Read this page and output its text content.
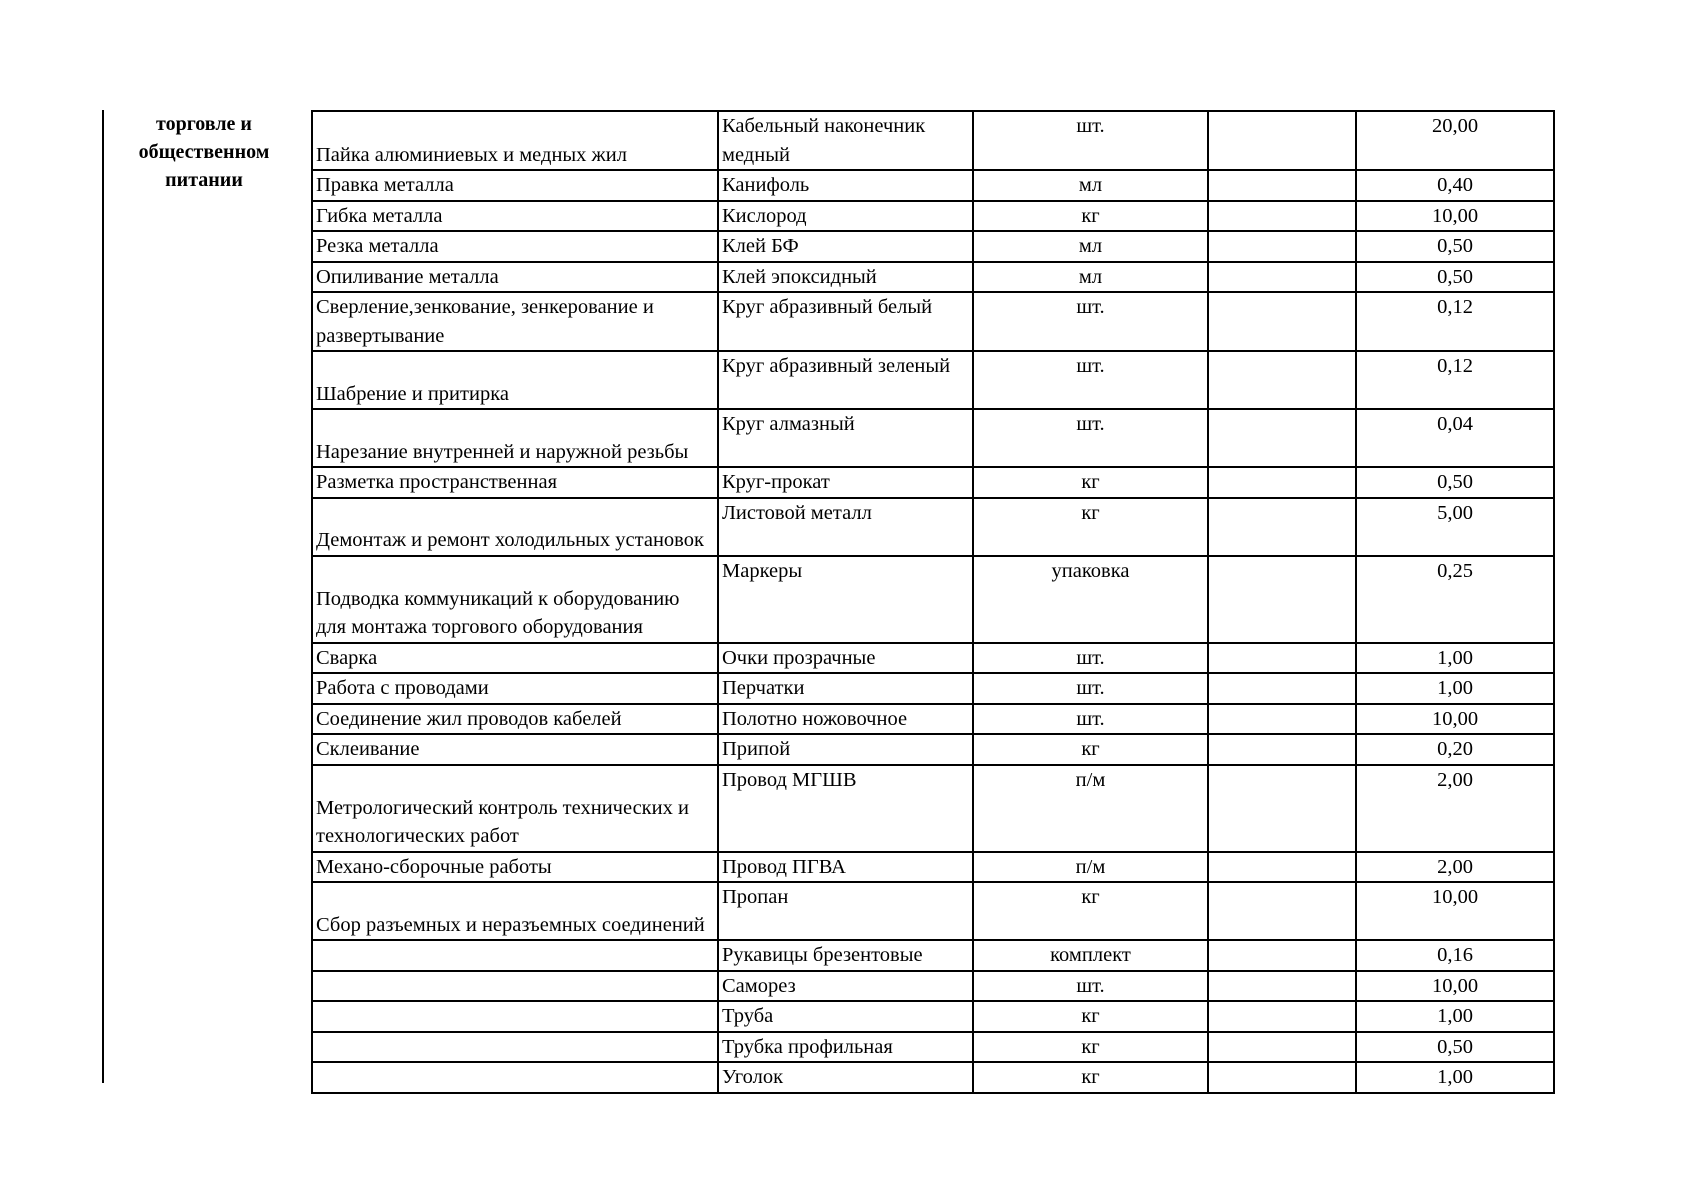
торговле и
общественном
питании
Пайка алюминиевых и медных жил	Кабельный наконечник медный	шт.		20,00
Правка металла	Канифоль	мл		0,40
Гибка металла	Кислород	кг		10,00
Резка металла	Клей БФ	мл		0,50
Опиливание металла	Клей эпоксидный	мл		0,50
Сверление,зенкование, зенкерование и развертывание	Круг абразивный белый	шт.		0,12
Шабрение и притирка	Круг абразивный зеленый	шт.		0,12
Нарезание внутренней и наружной резьбы	Круг алмазный	шт.		0,04
Разметка пространственная	Круг-прокат	кг		0,50
Демонтаж и ремонт холодильных установок	Листовой металл	кг		5,00
Подводка коммуникаций к оборудованию для монтажа торгового оборудования	Маркеры	упаковка		0,25
Сварка	Очки прозрачные	шт.		1,00
Работа с проводами	Перчатки	шт.		1,00
Соединение жил проводов кабелей	Полотно ножовочное	шт.		10,00
Склеивание	Припой	кг		0,20
Метрологический контроль технических и технологических работ	Провод МГШВ	п/м		2,00
Механо-сборочные работы	Провод ПГВА	п/м		2,00
Сбор разъемных и неразъемных соединений	Пропан	кг		10,00
	Рукавицы брезентовые	комплект		0,16
	Саморез	шт.		10,00
	Труба	кг		1,00
	Трубка профильная	кг		0,50
	Уголок	кг		1,00
